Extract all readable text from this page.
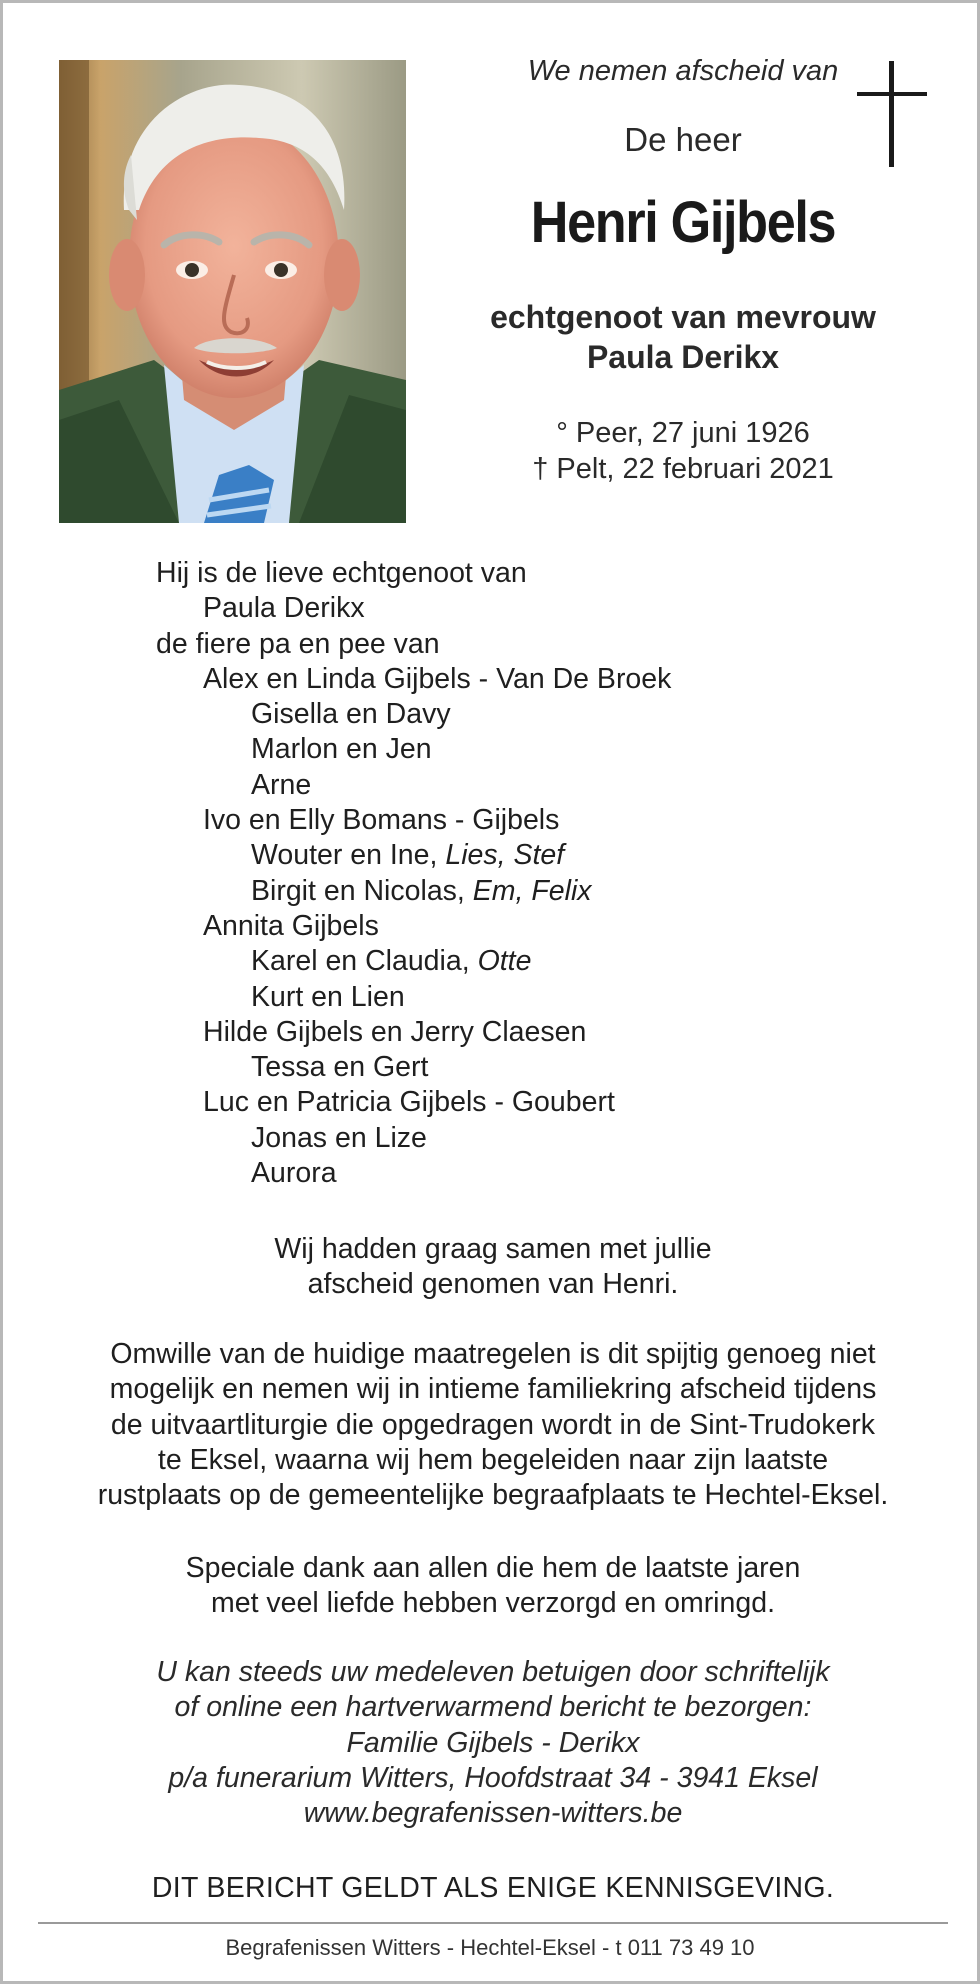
We nemen afscheid van
De heer
Henri Gijbels
echtgenoot van mevrouw
Paula Derikx
° Peer, 27 juni 1926
† Pelt, 22 februari 2021
Hij is de lieve echtgenoot van
Paula Derikx
de fiere pa en pee van
Alex en Linda Gijbels - Van De Broek
Gisella en Davy
Marlon en Jen
Arne
Ivo en Elly Bomans - Gijbels
Wouter en Ine, Lies, Stef
Birgit en Nicolas, Em, Felix
Annita Gijbels
Karel en Claudia, Otte
Kurt en Lien
Hilde Gijbels en Jerry Claesen
Tessa en Gert
Luc en Patricia Gijbels - Goubert
Jonas en Lize
Aurora
Wij hadden graag samen met jullie
afscheid genomen van Henri.
Omwille van de huidige maatregelen is dit spijtig genoeg niet
mogelijk en nemen wij in intieme familiekring afscheid tijdens
de uitvaartliturgie die opgedragen wordt in de Sint-Trudokerk
te Eksel, waarna wij hem begeleiden naar zijn laatste
rustplaats op de gemeentelijke begraafplaats te Hechtel-Eksel.
Speciale dank aan allen die hem de laatste jaren
met veel liefde hebben verzorgd en omringd.
U kan steeds uw medeleven betuigen door schriftelijk
of online een hartverwarmend bericht te bezorgen:
Familie Gijbels - Derikx
p/a funerarium Witters, Hoofdstraat 34 - 3941 Eksel
www.begrafenissen-witters.be
DIT BERICHT GELDT ALS ENIGE KENNISGEVING.
Begrafenissen Witters - Hechtel-Eksel - t 011 73 49 10
